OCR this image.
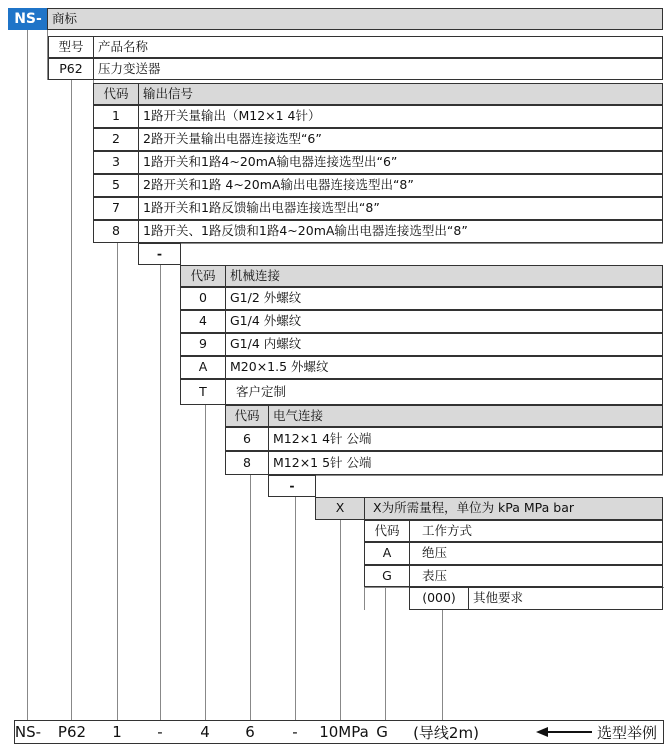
NS- 商标
型号	产品名称
P62	压力变送器
代码	输出信号
1	1路开关量输出（M12×1 4针）
2	2路开关量输出电器连接选型“6”
3	1路开关和1路4~20mA输电器连接选型出“6”
5	2路开关和1路 4~20mA输出电器连接选型出“8”
7	1路开关和1路反馈输出电器连接选型出“8”
8	1路开关、1路反馈和1路4~20mA输出电器连接选型出“8”
-
代码	机械连接
0	G1/2 外螺纹
4	G1/4 外螺纹
9	G1/4 内螺纹
A	M20×1.5 外螺纹
T	客户定制
代码	电气连接
6	M12×1 4针 公端
8	M12×1 5针 公端
-
X	X为所需量程，单位为 kPa MPa bar
代码	工作方式
A	绝压
G	表压
(000)	其他要求
NS- P62 1	-	4 6	-	10MPa G	(导线2m)	选型举例
